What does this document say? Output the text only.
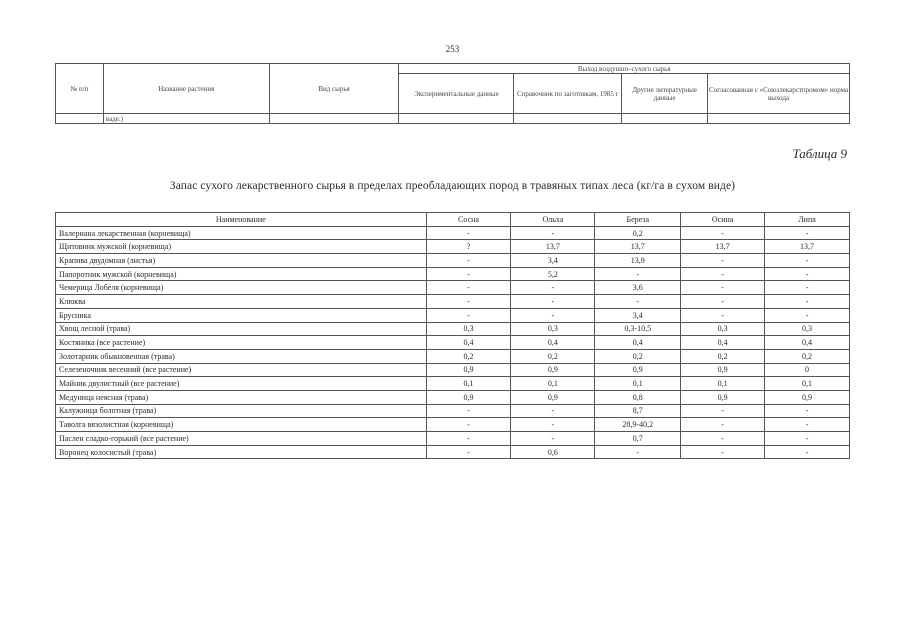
253
№ п/п	Название растения	Вид сырья	Выход воздушно–сухого сырья			
			Экспериментальные данные	Справочник по заготовкам, 1985 г	Другие литературные данные	Согласованная с «Союзлекарстпромом» норма выхода
	ваде.)					
Таблица 9
Запас сухого лекарственного сырья в пределах преобладающих пород в травяных типах леса (кг/га в сухом виде)
Наименование	Сосна	Ольха	Береза	Осина	Липа
Валериана лекарственная (корневища)	-	-	0,2	-	-
Щитовник мужской (корневища)	?	13,7	13,7	13,7	13,7
Крапива двудомная (листья)	-	3,4	13,9	-	-
Папоротник мужской (корневища)	-	5,2	-	-	-
Чемерица Лобеля (корневища)	-	-	3,6	-	-
Клюква	-	-	-	-	-
Брусника	-	-	3,4	-	-
Хвощ лесной (трава)	0,3	0,3	0,3-10,5	0,3	0,3
Костяника (все растение)	0,4	0,4	0,4	0,4	0,4
Золотарник обыкновенная (трава)	0,2	0,2	0,2	0,2	0,2
Селезеночник весенний (все растение)	0,9	0,9	0,9	0,9	0
Майник двулистный (все растение)	0,1	0,1	0,1	0,1	0,1
Медуница неясная (трава)	0,9	0,9	0,8	0,9	0,9
Калужница болотная (трава)	-	-	8,7	-	-
Таволга вязолистная (корневища)	-	-	28,9-40,2	-	-
Паслен сладко-горький (все растение)	-	-	0,7	-	-
Воронец колосистый (трава)	-	0,6	-	-	-
